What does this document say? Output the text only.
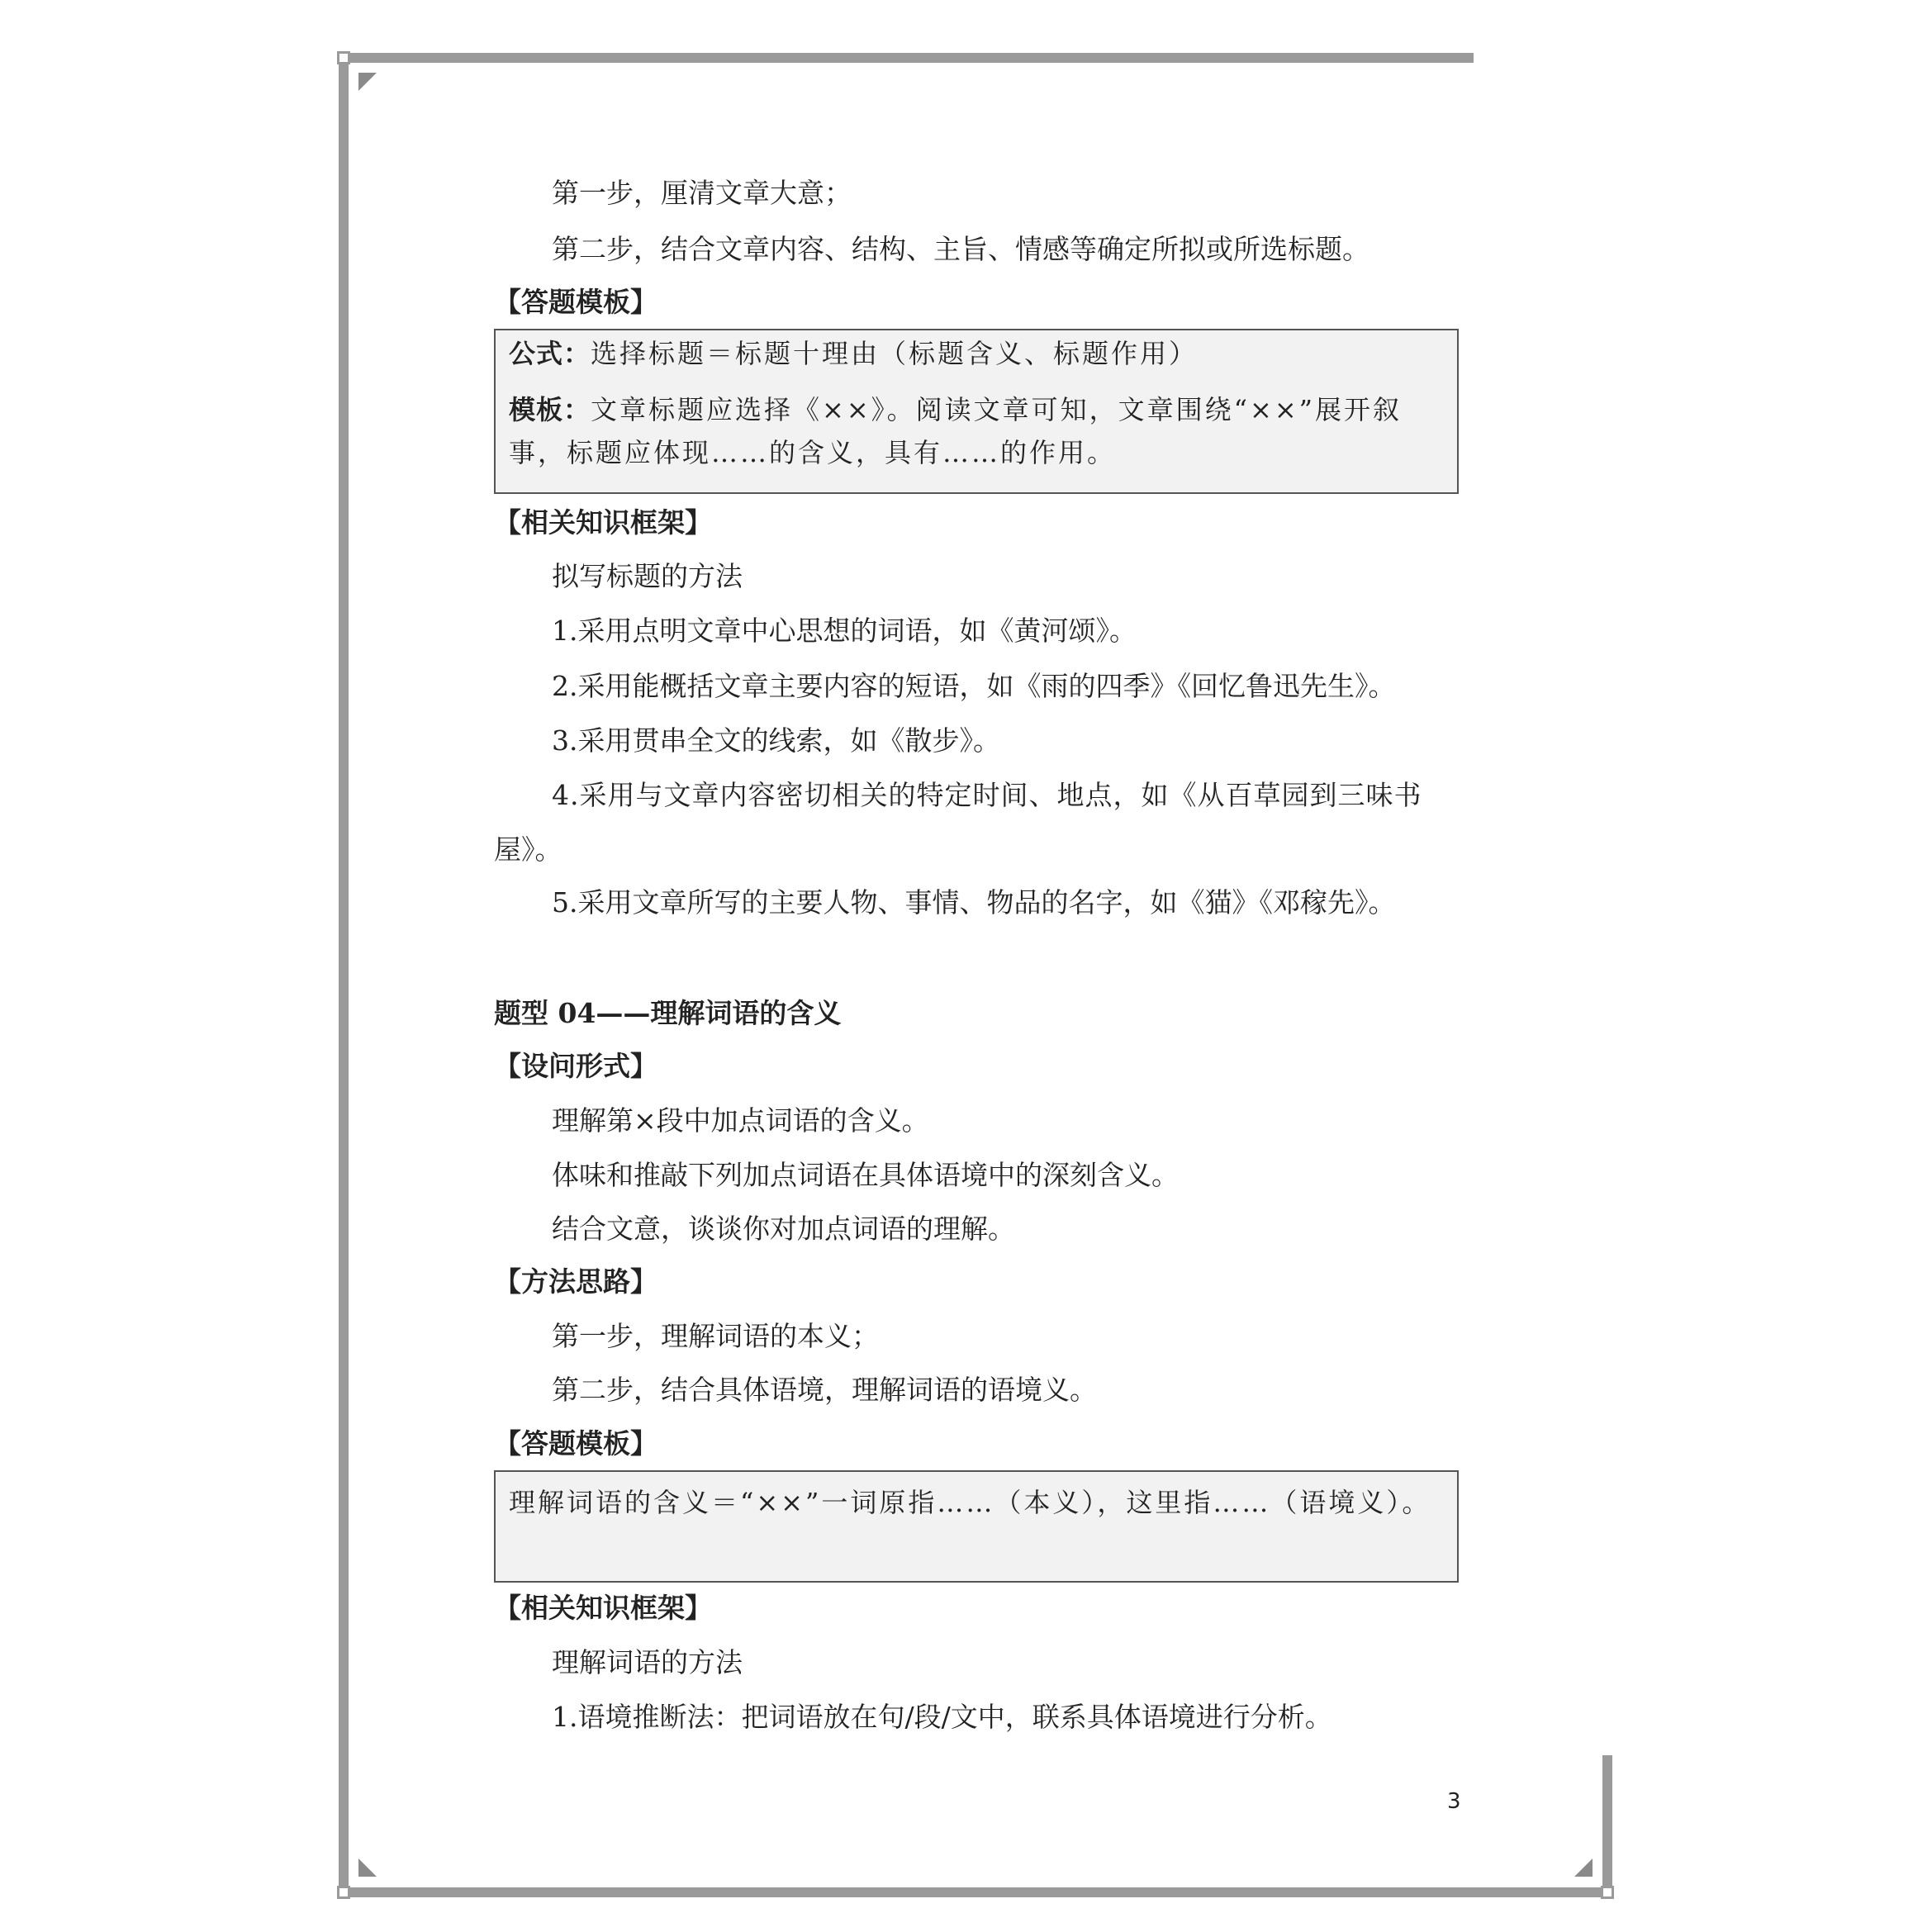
第一步，厘清文章大意；
第二步，结合文章内容、结构、主旨、情感等确定所拟或所选标题。
【答题模板】

公式：选择标题＝标题十理由（标题含义、标题作用）

模板：文章标题应选择《××》。阅读文章可知，文章围绕“××”展开叙事，标题应体现……的含义，具有……的作用。

【相关知识框架】
拟写标题的方法
1.采用点明文章中心思想的词语，如《黄河颂》。
2.采用能概括文章主要内容的短语，如《雨的四季》《回忆鲁迅先生》。
3.采用贯串全文的线索，如《散步》。
4.采用与文章内容密切相关的特定时间、地点，如《从百草园到三味书
屋》。
5.采用文章所写的主要人物、事情、物品的名字，如《猫》《邓稼先》。
题型 04——理解词语的含义
【设问形式】
理解第×段中加点词语的含义。
体味和推敲下列加点词语在具体语境中的深刻含义。
结合文意，谈谈你对加点词语的理解。
【方法思路】
第一步，理解词语的本义；
第二步，结合具体语境，理解词语的语境义。
【答题模板】

理解词语的含义＝“××”一词原指……（本义），这里指……（语境义）。

【相关知识框架】
理解词语的方法
1.语境推断法：把词语放在句/段/文中，联系具体语境进行分析。
3
